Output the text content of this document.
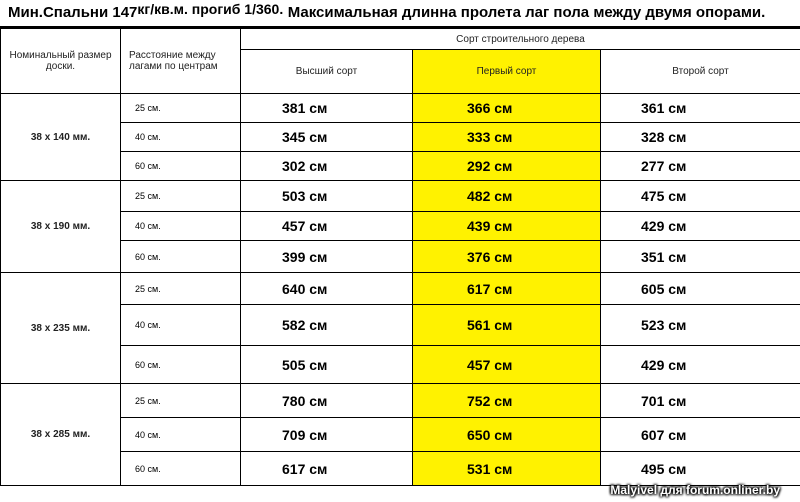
Мин.Спальни 147кг/кв.м. прогиб 1/360. Максимальная длинна пролета лаг пола между двумя опорами.
Номинальный размер доски.	Расстояние между лагами по центрам	Сорт строительного дерева		
		Высший сорт	Первый сорт	Второй сорт
38 x 140 мм.	25 см.	381 см	366 см	361 см
	40 см.	345 см	333 см	328 см
	60 см.	302 см	292 см	277 см
38 x 190 мм.	25 см.	503 см	482 см	475 см
	40 см.	457 см	439 см	429 см
	60 см.	399 см	376 см	351 см
38 x 235 мм.	25 см.	640 см	617 см	605 см
	40 см.	582 см	561 см	523 см
	60 см.	505 см	457 см	429 см
38 x 285 мм.	25 см.	780 см	752 см	701 см
	40 см.	709 см	650 см	607 см
	60 см.	617 см	531 см	495 см
Malyivel для forum.onliner.by
